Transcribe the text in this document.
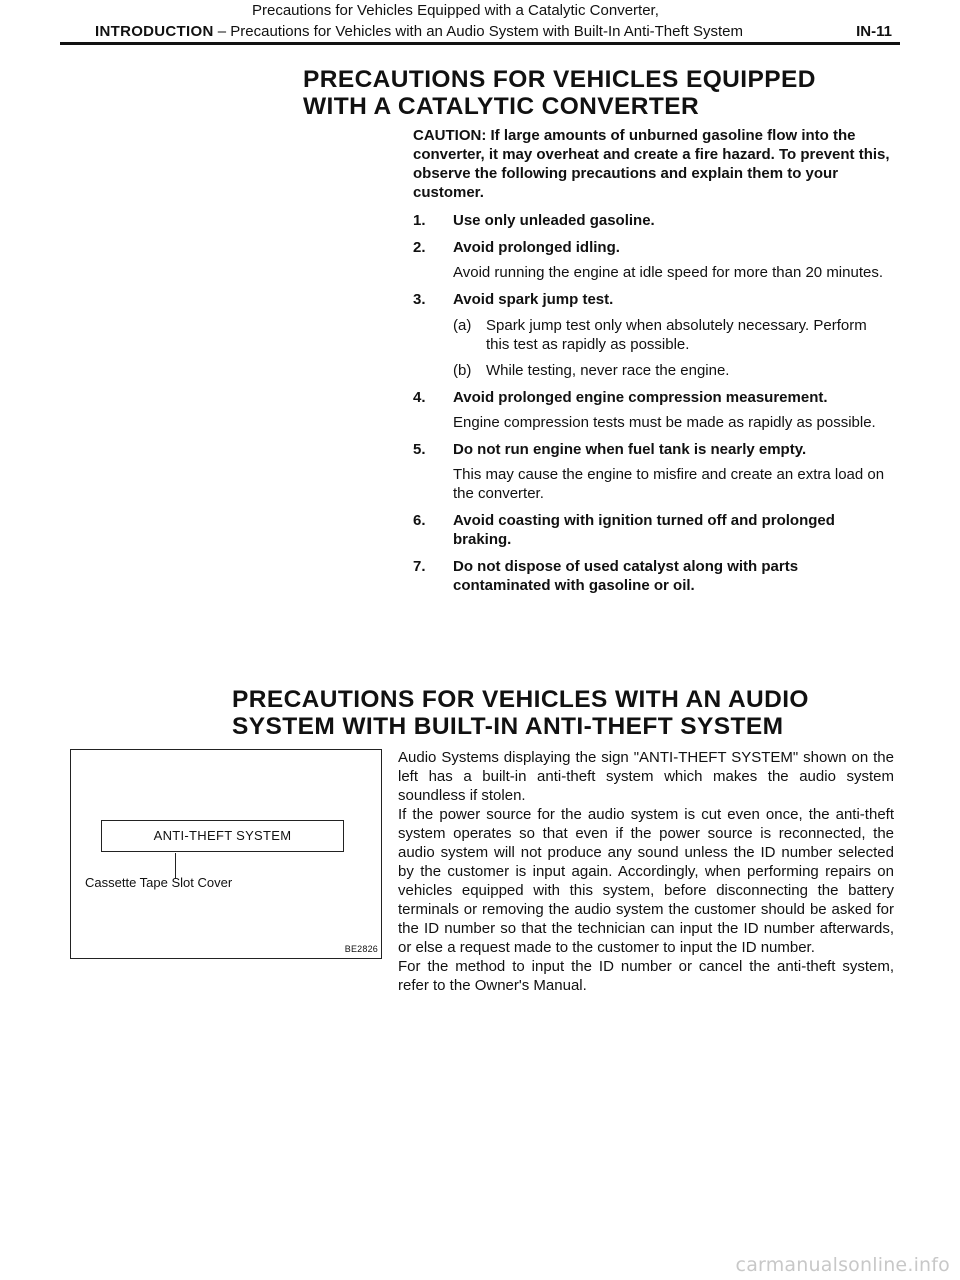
Precautions for Vehicles Equipped with a Catalytic Converter,
INTRODUCTION – Precautions for Vehicles with an Audio System with Built-In Anti-Theft System	IN-11
PRECAUTIONS FOR VEHICLES EQUIPPED
WITH A CATALYTIC CONVERTER

CAUTION: If large amounts of unburned gasoline flow into the converter, it may overheat and create a fire hazard. To prevent this, observe the following precautions and explain them to your customer.

1. Use only unleaded gasoline.
2. Avoid prolonged idling.
Avoid running the engine at idle speed for more than 20 minutes.
3. Avoid spark jump test.
(a) Spark jump test only when absolutely necessary. Perform this test as rapidly as possible.
(b) While testing, never race the engine.
4. Avoid prolonged engine compression measurement.
Engine compression tests must be made as rapidly as possible.
5. Do not run engine when fuel tank is nearly empty.
This may cause the engine to misfire and create an extra load on the converter.
6. Avoid coasting with ignition turned off and prolonged braking.
7. Do not dispose of used catalyst along with parts contaminated with gasoline or oil.
PRECAUTIONS FOR VEHICLES WITH AN AUDIO
SYSTEM WITH BUILT-IN ANTI-THEFT SYSTEM
ANTI-THEFT SYSTEM
Cassette Tape Slot Cover
BE2826

Audio Systems displaying the sign "ANTI-THEFT SYSTEM" shown on the left has a built-in anti-theft system which makes the audio system soundless if stolen.

If the power source for the audio system is cut even once, the anti-theft system operates so that even if the power source is reconnected, the audio system will not produce any sound unless the ID number selected by the customer is input again. Accordingly, when performing repairs on vehicles equipped with this system, before disconnecting the battery terminals or removing the audio system the customer should be asked for the ID number so that the technician can input the ID number afterwards, or else a request made to the customer to input the ID number.

For the method to input the ID number or cancel the anti-theft system, refer to the Owner's Manual.

carmanualsonline.info
